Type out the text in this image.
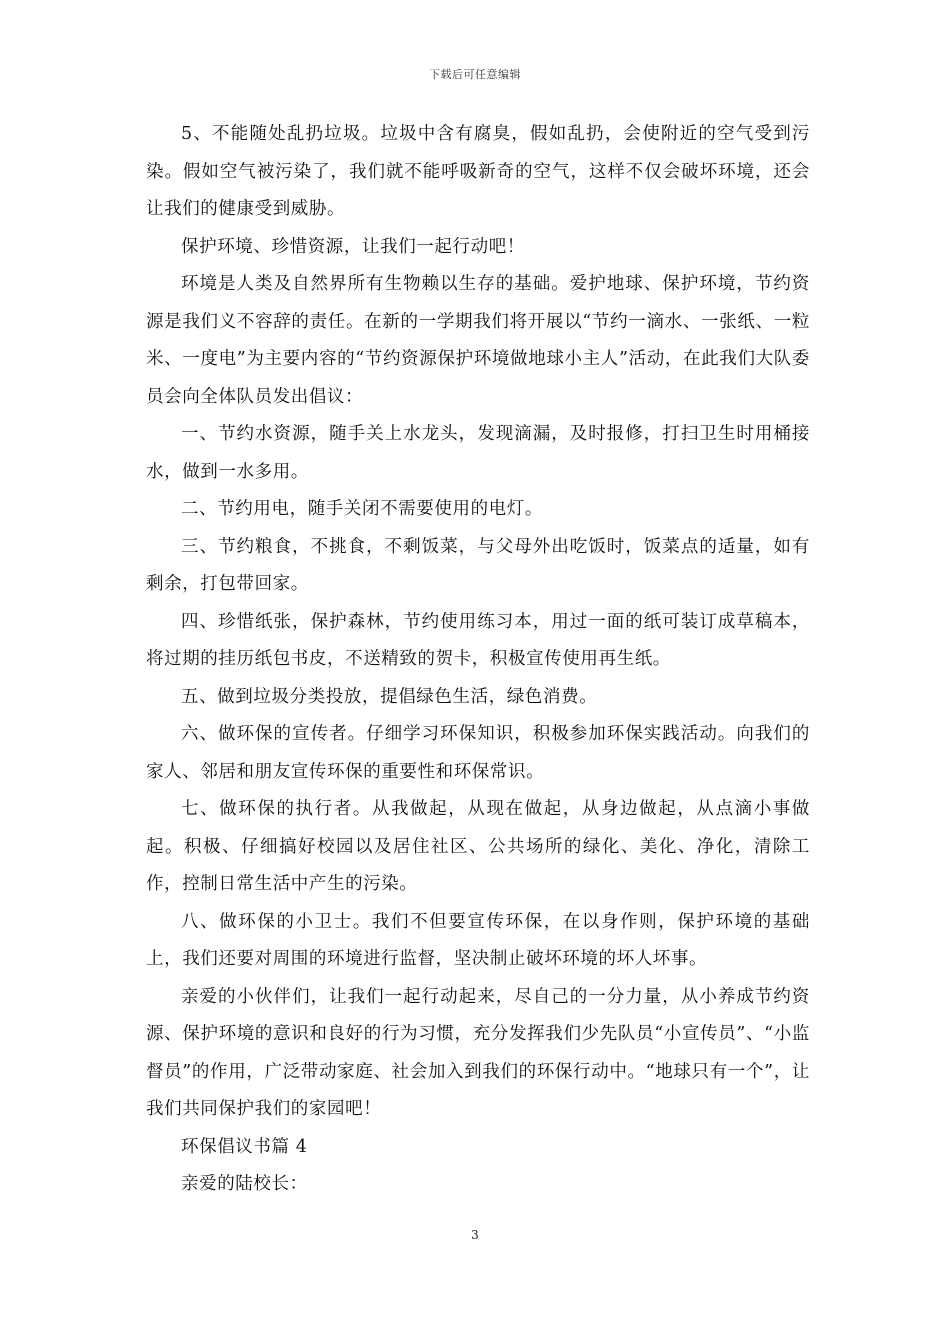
下载后可任意编辑

5、不能随处乱扔垃圾。垃圾中含有腐臭，假如乱扔，会使附近的空气受到污染。假如空气被污染了，我们就不能呼吸新奇的空气，这样不仅会破坏环境，还会让我们的健康受到威胁。

保护环境、珍惜资源，让我们一起行动吧！

环境是人类及自然界所有生物赖以生存的基础。爱护地球、保护环境，节约资源是我们义不容辞的责任。在新的一学期我们将开展以“节约一滴水、一张纸、一粒米、一度电”为主要内容的“节约资源保护环境做地球小主人”活动，在此我们大队委员会向全体队员发出倡议：

一、节约水资源，随手关上水龙头，发现滴漏，及时报修，打扫卫生时用桶接水，做到一水多用。

二、节约用电，随手关闭不需要使用的电灯。

三、节约粮食，不挑食，不剩饭菜，与父母外出吃饭时，饭菜点的适量，如有剩余，打包带回家。

四、珍惜纸张，保护森林，节约使用练习本，用过一面的纸可装订成草稿本，将过期的挂历纸包书皮，不送精致的贺卡，积极宣传使用再生纸。

五、做到垃圾分类投放，提倡绿色生活，绿色消费。

六、做环保的宣传者。仔细学习环保知识，积极参加环保实践活动。向我们的家人、邻居和朋友宣传环保的重要性和环保常识。

七、做环保的执行者。从我做起，从现在做起，从身边做起，从点滴小事做起。积极、仔细搞好校园以及居住社区、公共场所的绿化、美化、净化，清除工作，控制日常生活中产生的污染。

八、做环保的小卫士。我们不但要宣传环保，在以身作则，保护环境的基础上，我们还要对周围的环境进行监督，坚决制止破坏环境的坏人坏事。

亲爱的小伙伴们，让我们一起行动起来，尽自己的一分力量，从小养成节约资源、保护环境的意识和良好的行为习惯，充分发挥我们少先队员“小宣传员”、“小监督员”的作用，广泛带动家庭、社会加入到我们的环保行动中。“地球只有一个”，让我们共同保护我们的家园吧！

环保倡议书篇 4

亲爱的陆校长：

3
